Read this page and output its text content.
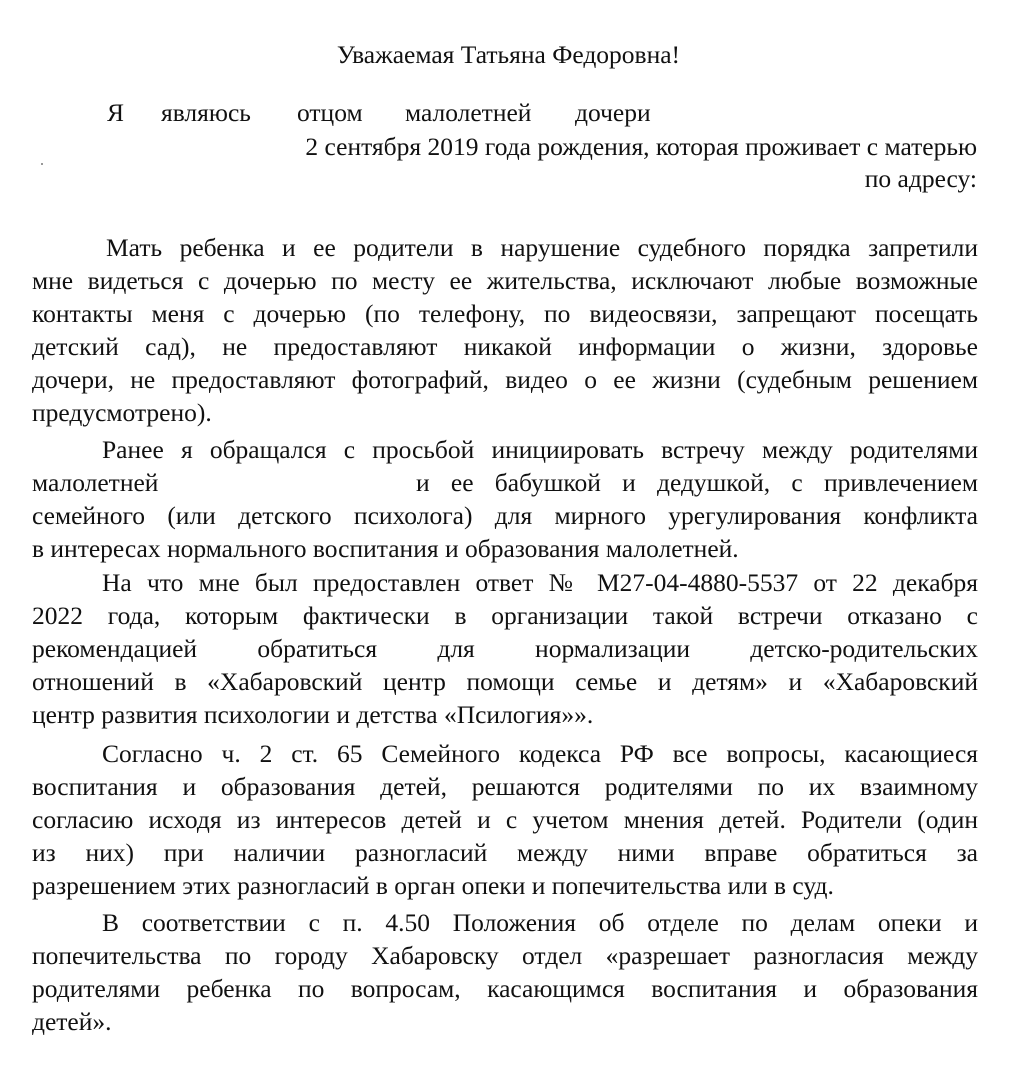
Уважаемая Татьяна Федоровна!
Я являюсь отцом малолетней дочери
2 сентября 2019 года рождения, которая проживает с матерью
по адресу:
Мать ребенка и ее родители в нарушение судебного порядка запретили
мне видеться с дочерью по месту ее жительства, исключают любые возможные
контакты меня с дочерью (по телефону, по видеосвязи, запрещают посещать
детский сад), не предоставляют никакой информации о жизни, здоровье
дочери, не предоставляют фотографий, видео о ее жизни (судебным решением
предусмотрено).
Ранее я обращался с просьбой инициировать встречу между родителями
малолетней	и ее бабушкой и дедушкой, с привлечением
семейного (или детского психолога) для мирного урегулирования конфликта
в интересах нормального воспитания и образования малолетней.
На что мне был предоставлен ответ № М27-04-4880-5537 от 22 декабря
2022 года, которым фактически в организации такой встречи отказано с
рекомендацией обратиться для нормализации детско-родительских
отношений в «Хабаровский центр помощи семье и детям» и «Хабаровский
центр развития психологии и детства «Псилогия»».
Согласно ч. 2 ст. 65 Семейного кодекса РФ все вопросы, касающиеся
воспитания и образования детей, решаются родителями по их взаимному
согласию исходя из интересов детей и с учетом мнения детей. Родители (один
из них) при наличии разногласий между ними вправе обратиться за
разрешением этих разногласий в орган опеки и попечительства или в суд.
В соответствии с п. 4.50 Положения об отделе по делам опеки и
попечительства по городу Хабаровску отдел «разрешает разногласия между
родителями ребенка по вопросам, касающимся воспитания и образования
детей».
